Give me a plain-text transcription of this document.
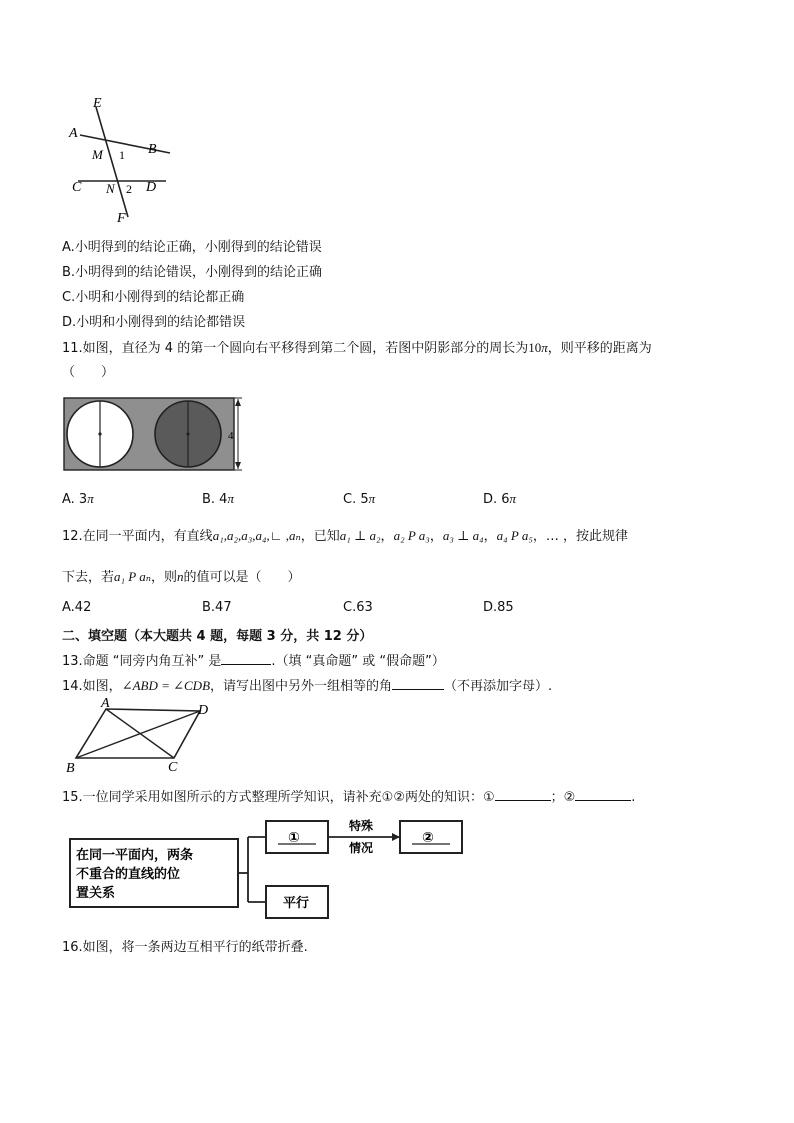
E
A
B
M 1
C N 2 D
F
A.小明得到的结论正确，小刚得到的结论错误
B.小明得到的结论错误，小刚得到的结论正确
C.小明和小刚得到的结论都正确
D.小明和小刚得到的结论都错误
11.如图，直径为 4 的第一个圆向右平移得到第二个圆，若图中阴影部分的周长为10π，则平移的距离为
（　　）
4
A. 3π	B. 4π	C. 5π	D. 6π
12.在同一平面内，有直线a₁,a₂,a₃,a₄,∟ ,aₙ，已知a₁ ⊥ a₂，a₂ P a₃，a₃ ⊥ a₄，a₄ P a₅，… ，按此规律
下去，若a₁ P aₙ，则n的值可以是（　　）
A.42	B.47	C.63	D.85
二、填空题（本大题共 4 题，每题 3 分，共 12 分）
13.命题 “同旁内角互补” 是	.（填 “真命题” 或 “假命题”）
14.如图，∠ABD = ∠CDB，请写出图中另外一组相等的角	（不再添加字母）.
A	D
B	C
15.一位同学采用如图所示的方式整理所学知识，请补充①②两处的知识：①	；②	.
在同一平面内，两条
不重合的直线的位
置关系
①
特殊
情况
②
平行
16.如图，将一条两边互相平行的纸带折叠.
